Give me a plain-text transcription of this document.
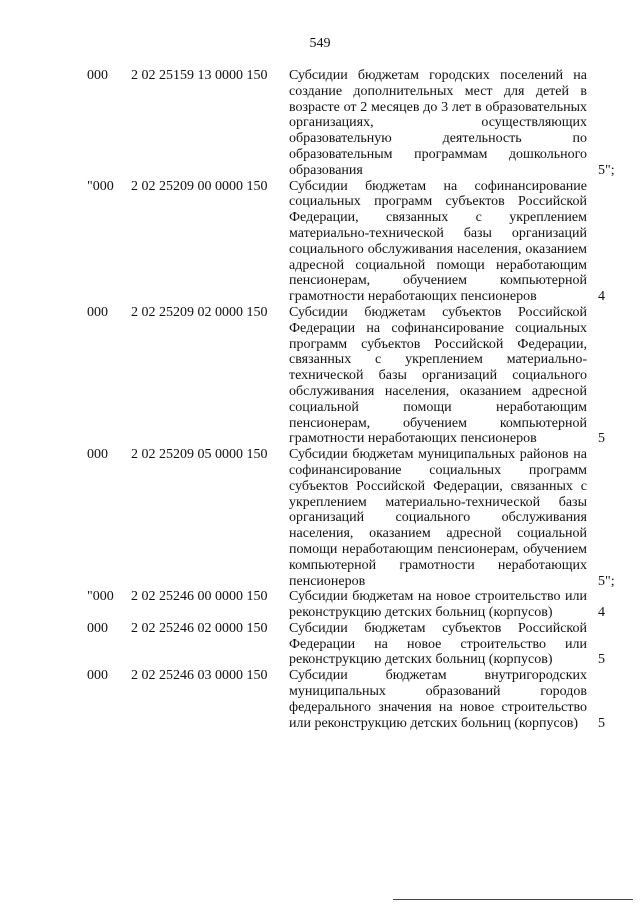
549
000 2 02 25159 13 0000 150 Субсидии бюджетам городских поселений на создание дополнительных мест для детей в возрасте от 2 месяцев до 3 лет в образовательных организациях, осуществляющих образовательную деятельность по образовательным программам дошкольного образования	5";
"000 2 02 25209 00 0000 150 Субсидии бюджетам на софинансирование социальных программ субъектов Российской Федерации, связанных с укреплением материально-технической базы организаций социального обслуживания населения, оказанием адресной социальной помощи неработающим пенсионерам, обучением компьютерной грамотности неработающих пенсионеров	4
000 2 02 25209 02 0000 150 Субсидии бюджетам субъектов Российской Федерации на софинансирование социальных программ субъектов Российской Федерации, связанных с укреплением материально-технической базы организаций социального обслуживания населения, оказанием адресной социальной помощи неработающим пенсионерам, обучением компьютерной грамотности неработающих пенсионеров	5
000 2 02 25209 05 0000 150 Субсидии бюджетам муниципальных районов на софинансирование социальных программ субъектов Российской Федерации, связанных с укреплением материально-технической базы организаций социального обслуживания населения, оказанием адресной социальной помощи неработающим пенсионерам, обучением компьютерной грамотности неработающих пенсионеров	5";
"000 2 02 25246 00 0000 150 Субсидии бюджетам на новое строительство или реконструкцию детских больниц (корпусов)	4
000 2 02 25246 02 0000 150 Субсидии бюджетам субъектов Российской Федерации на новое строительство или реконструкцию детских больниц (корпусов)	5
000 2 02 25246 03 0000 150 Субсидии бюджетам внутригородских муниципальных образований городов федерального значения на новое строительство или реконструкцию детских больниц (корпусов)	5
